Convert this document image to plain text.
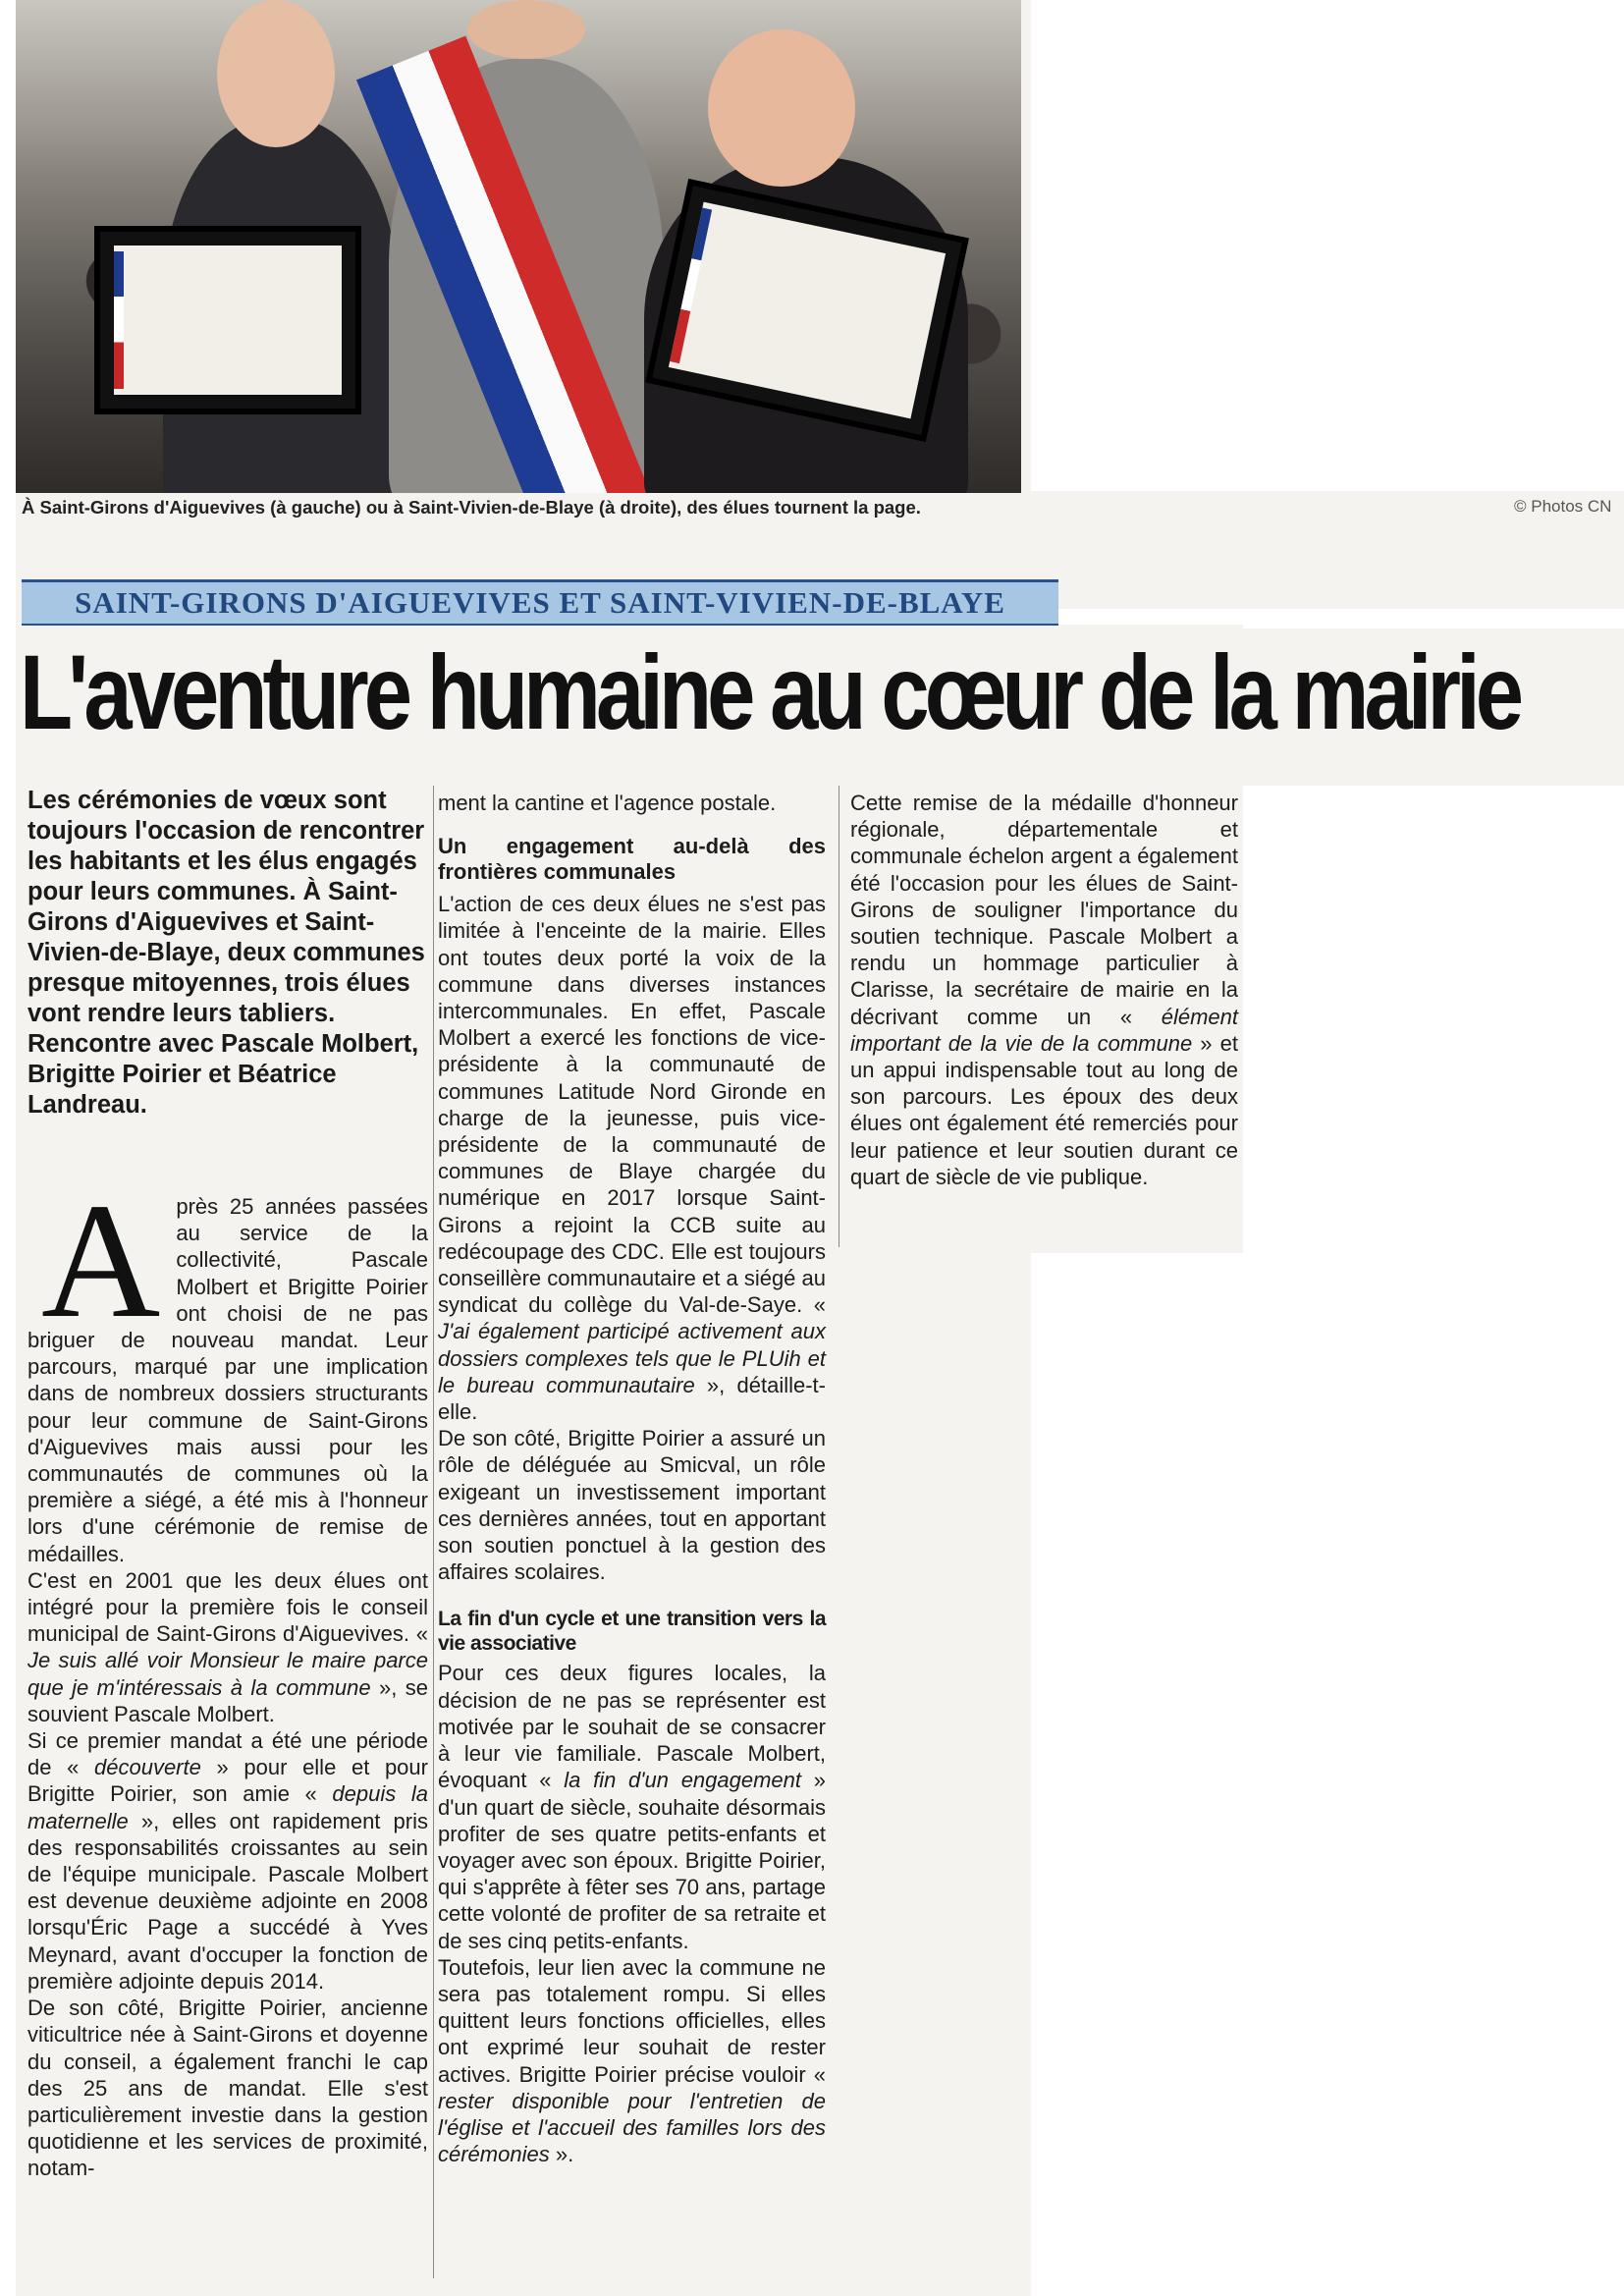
À Saint-Girons d'Aiguevives (à gauche) ou à Saint-Vivien-de-Blaye (à droite), des élues tournent la page.	© Photos CN
SAINT-GIRONS D'AIGUEVIVES ET SAINT-VIVIEN-DE-BLAYE
L'aventure humaine au cœur de la mairie
Les cérémonies de vœux sont toujours l'occasion de rencontrer les habitants et les élus engagés pour leurs communes. À Saint-Girons d'Aiguevives et Saint-Vivien-de-Blaye, deux communes presque mitoyennes, trois élues vont rendre leurs tabliers. Rencontre avec Pascale Molbert, Brigitte Poirier et Béatrice Landreau.

Après 25 années passées au service de la collectivité, Pascale Molbert et Brigitte Poirier ont choisi de ne pas briguer de nouveau mandat. Leur parcours, marqué par une implication dans de nombreux dossiers structurants pour leur commune de Saint-Girons d'Aiguevives mais aussi pour les communautés de communes où la première a siégé, a été mis à l'honneur lors d'une cérémonie de remise de médailles.

C'est en 2001 que les deux élues ont intégré pour la première fois le conseil municipal de Saint-Girons d'Aiguevives. « Je suis allé voir Monsieur le maire parce que je m'intéressais à la commune », se souvient Pascale Molbert.

Si ce premier mandat a été une période de « découverte » pour elle et pour Brigitte Poirier, son amie « depuis la maternelle », elles ont rapidement pris des responsabilités croissantes au sein de l'équipe municipale. Pascale Molbert est devenue deuxième adjointe en 2008 lorsqu'Éric Page a succédé à Yves Meynard, avant d'occuper la fonction de première adjointe depuis 2014.

De son côté, Brigitte Poirier, ancienne viticultrice née à Saint-Girons et doyenne du conseil, a également franchi le cap des 25 ans de mandat. Elle s'est particulièrement investie dans la gestion quotidienne et les services de proximité, notam-

ment la cantine et l'agence postale.

Un engagement au-delà des frontières communales

L'action de ces deux élues ne s'est pas limitée à l'enceinte de la mairie. Elles ont toutes deux porté la voix de la commune dans diverses instances intercommunales. En effet, Pascale Molbert a exercé les fonctions de vice-présidente à la communauté de communes Latitude Nord Gironde en charge de la jeunesse, puis vice-présidente de la communauté de communes de Blaye chargée du numérique en 2017 lorsque Saint-Girons a rejoint la CCB suite au redécoupage des CDC. Elle est toujours conseillère communautaire et a siégé au syndicat du collège du Val-de-Saye. « J'ai également participé activement aux dossiers complexes tels que le PLUih et le bureau communautaire », détaille-t-elle.

De son côté, Brigitte Poirier a assuré un rôle de déléguée au Smicval, un rôle exigeant un investissement important ces dernières années, tout en apportant son soutien ponctuel à la gestion des affaires scolaires.

La fin d'un cycle et une transition vers la vie associative

Pour ces deux figures locales, la décision de ne pas se représenter est motivée par le souhait de se consacrer à leur vie familiale. Pascale Molbert, évoquant « la fin d'un engagement » d'un quart de siècle, souhaite désormais profiter de ses quatre petits-enfants et voyager avec son époux. Brigitte Poirier, qui s'apprête à fêter ses 70 ans, partage cette volonté de profiter de sa retraite et de ses cinq petits-enfants.

Toutefois, leur lien avec la commune ne sera pas totalement rompu. Si elles quittent leurs fonctions officielles, elles ont exprimé leur souhait de rester actives. Brigitte Poirier précise vouloir « rester disponible pour l'entretien de l'église et l'accueil des familles lors des cérémonies ».

Cette remise de la médaille d'honneur régionale, départementale et communale échelon argent a également été l'occasion pour les élues de Saint-Girons de souligner l'importance du soutien technique. Pascale Molbert a rendu un hommage particulier à Clarisse, la secrétaire de mairie en la décrivant comme un « élément important de la vie de la commune » et un appui indispensable tout au long de son parcours. Les époux des deux élues ont également été remerciés pour leur patience et leur soutien durant ce quart de siècle de vie publique.
